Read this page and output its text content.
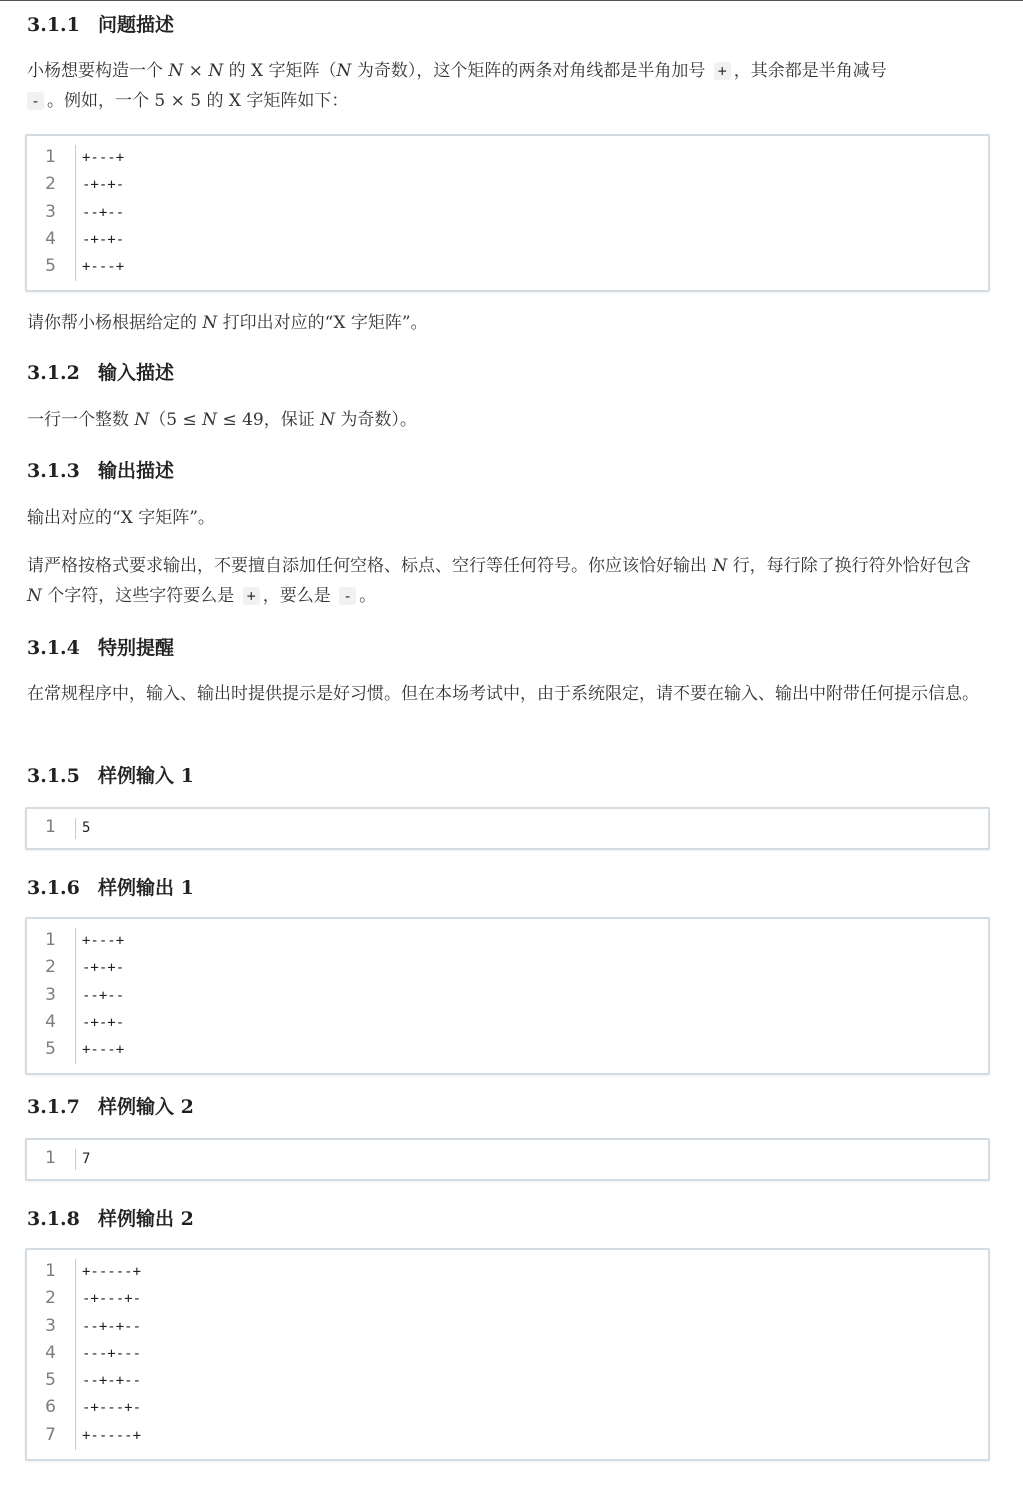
3.1.1 问题描述
小杨想要构造一个 N × N 的 X 字矩阵（N 为奇数），这个矩阵的两条对角线都是半角加号 + ，其余都是半角减号
- 。例如，一个 5 × 5 的 X 字矩阵如下：
1	+---+
2	-+-+-
3	--+--
4	-+-+-
5	+---+
请你帮小杨根据给定的 N 打印出对应的“X 字矩阵”。
3.1.2 输入描述
一行一个整数 N（5 ≤ N ≤ 49，保证 N 为奇数）。
3.1.3 输出描述
输出对应的“X 字矩阵”。
请严格按格式要求输出，不要擅自添加任何空格、标点、空行等任何符号。你应该恰好输出 N 行，每行除了换行符外恰好包含 N 个字符，这些字符要么是 + ，要么是 - 。
3.1.4 特别提醒
在常规程序中，输入、输出时提供提示是好习惯。但在本场考试中，由于系统限定，请不要在输入、输出中附带任何提示信息。
3.1.5 样例输入 1
1	5
3.1.6 样例输出 1
1	+---+
2	-+-+-
3	--+--
4	-+-+-
5	+---+
3.1.7 样例输入 2
1	7
3.1.8 样例输出 2
1	+-----+
2	-+---+-
3	--+-+--
4	---+---
5	--+-+--
6	-+---+-
7	+-----+
